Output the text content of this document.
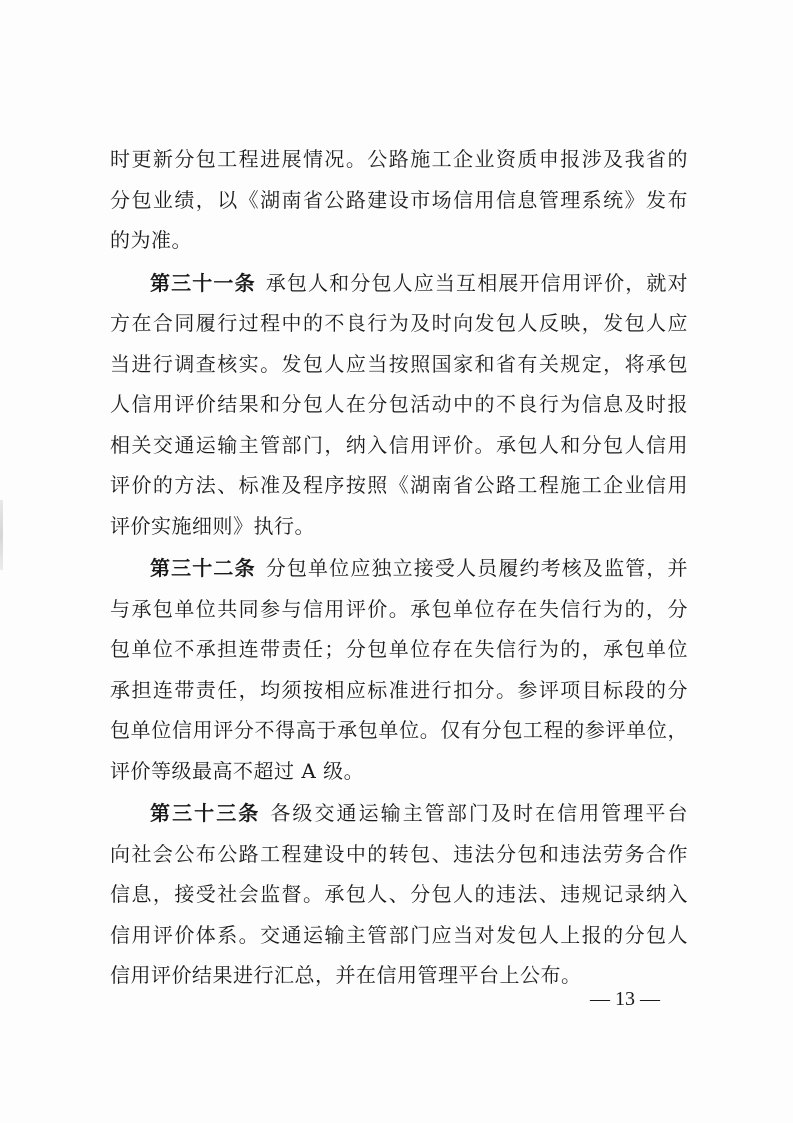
时更新分包工程进展情况。公路施工企业资质申报涉及我省的
分包业绩，以《湖南省公路建设市场信用信息管理系统》发布
的为准。
第三十一条 承包人和分包人应当互相展开信用评价，就对
方在合同履行过程中的不良行为及时向发包人反映，发包人应
当进行调查核实。发包人应当按照国家和省有关规定，将承包
人信用评价结果和分包人在分包活动中的不良行为信息及时报
相关交通运输主管部门，纳入信用评价。承包人和分包人信用
评价的方法、标准及程序按照《湖南省公路工程施工企业信用
评价实施细则》执行。
第三十二条 分包单位应独立接受人员履约考核及监管，并
与承包单位共同参与信用评价。承包单位存在失信行为的，分
包单位不承担连带责任；分包单位存在失信行为的，承包单位
承担连带责任，均须按相应标准进行扣分。参评项目标段的分
包单位信用评分不得高于承包单位。仅有分包工程的参评单位，
评价等级最高不超过 A 级。
第三十三条 各级交通运输主管部门及时在信用管理平台
向社会公布公路工程建设中的转包、违法分包和违法劳务合作
信息，接受社会监督。承包人、分包人的违法、违规记录纳入
信用评价体系。交通运输主管部门应当对发包人上报的分包人
信用评价结果进行汇总，并在信用管理平台上公布。
— 13 —
